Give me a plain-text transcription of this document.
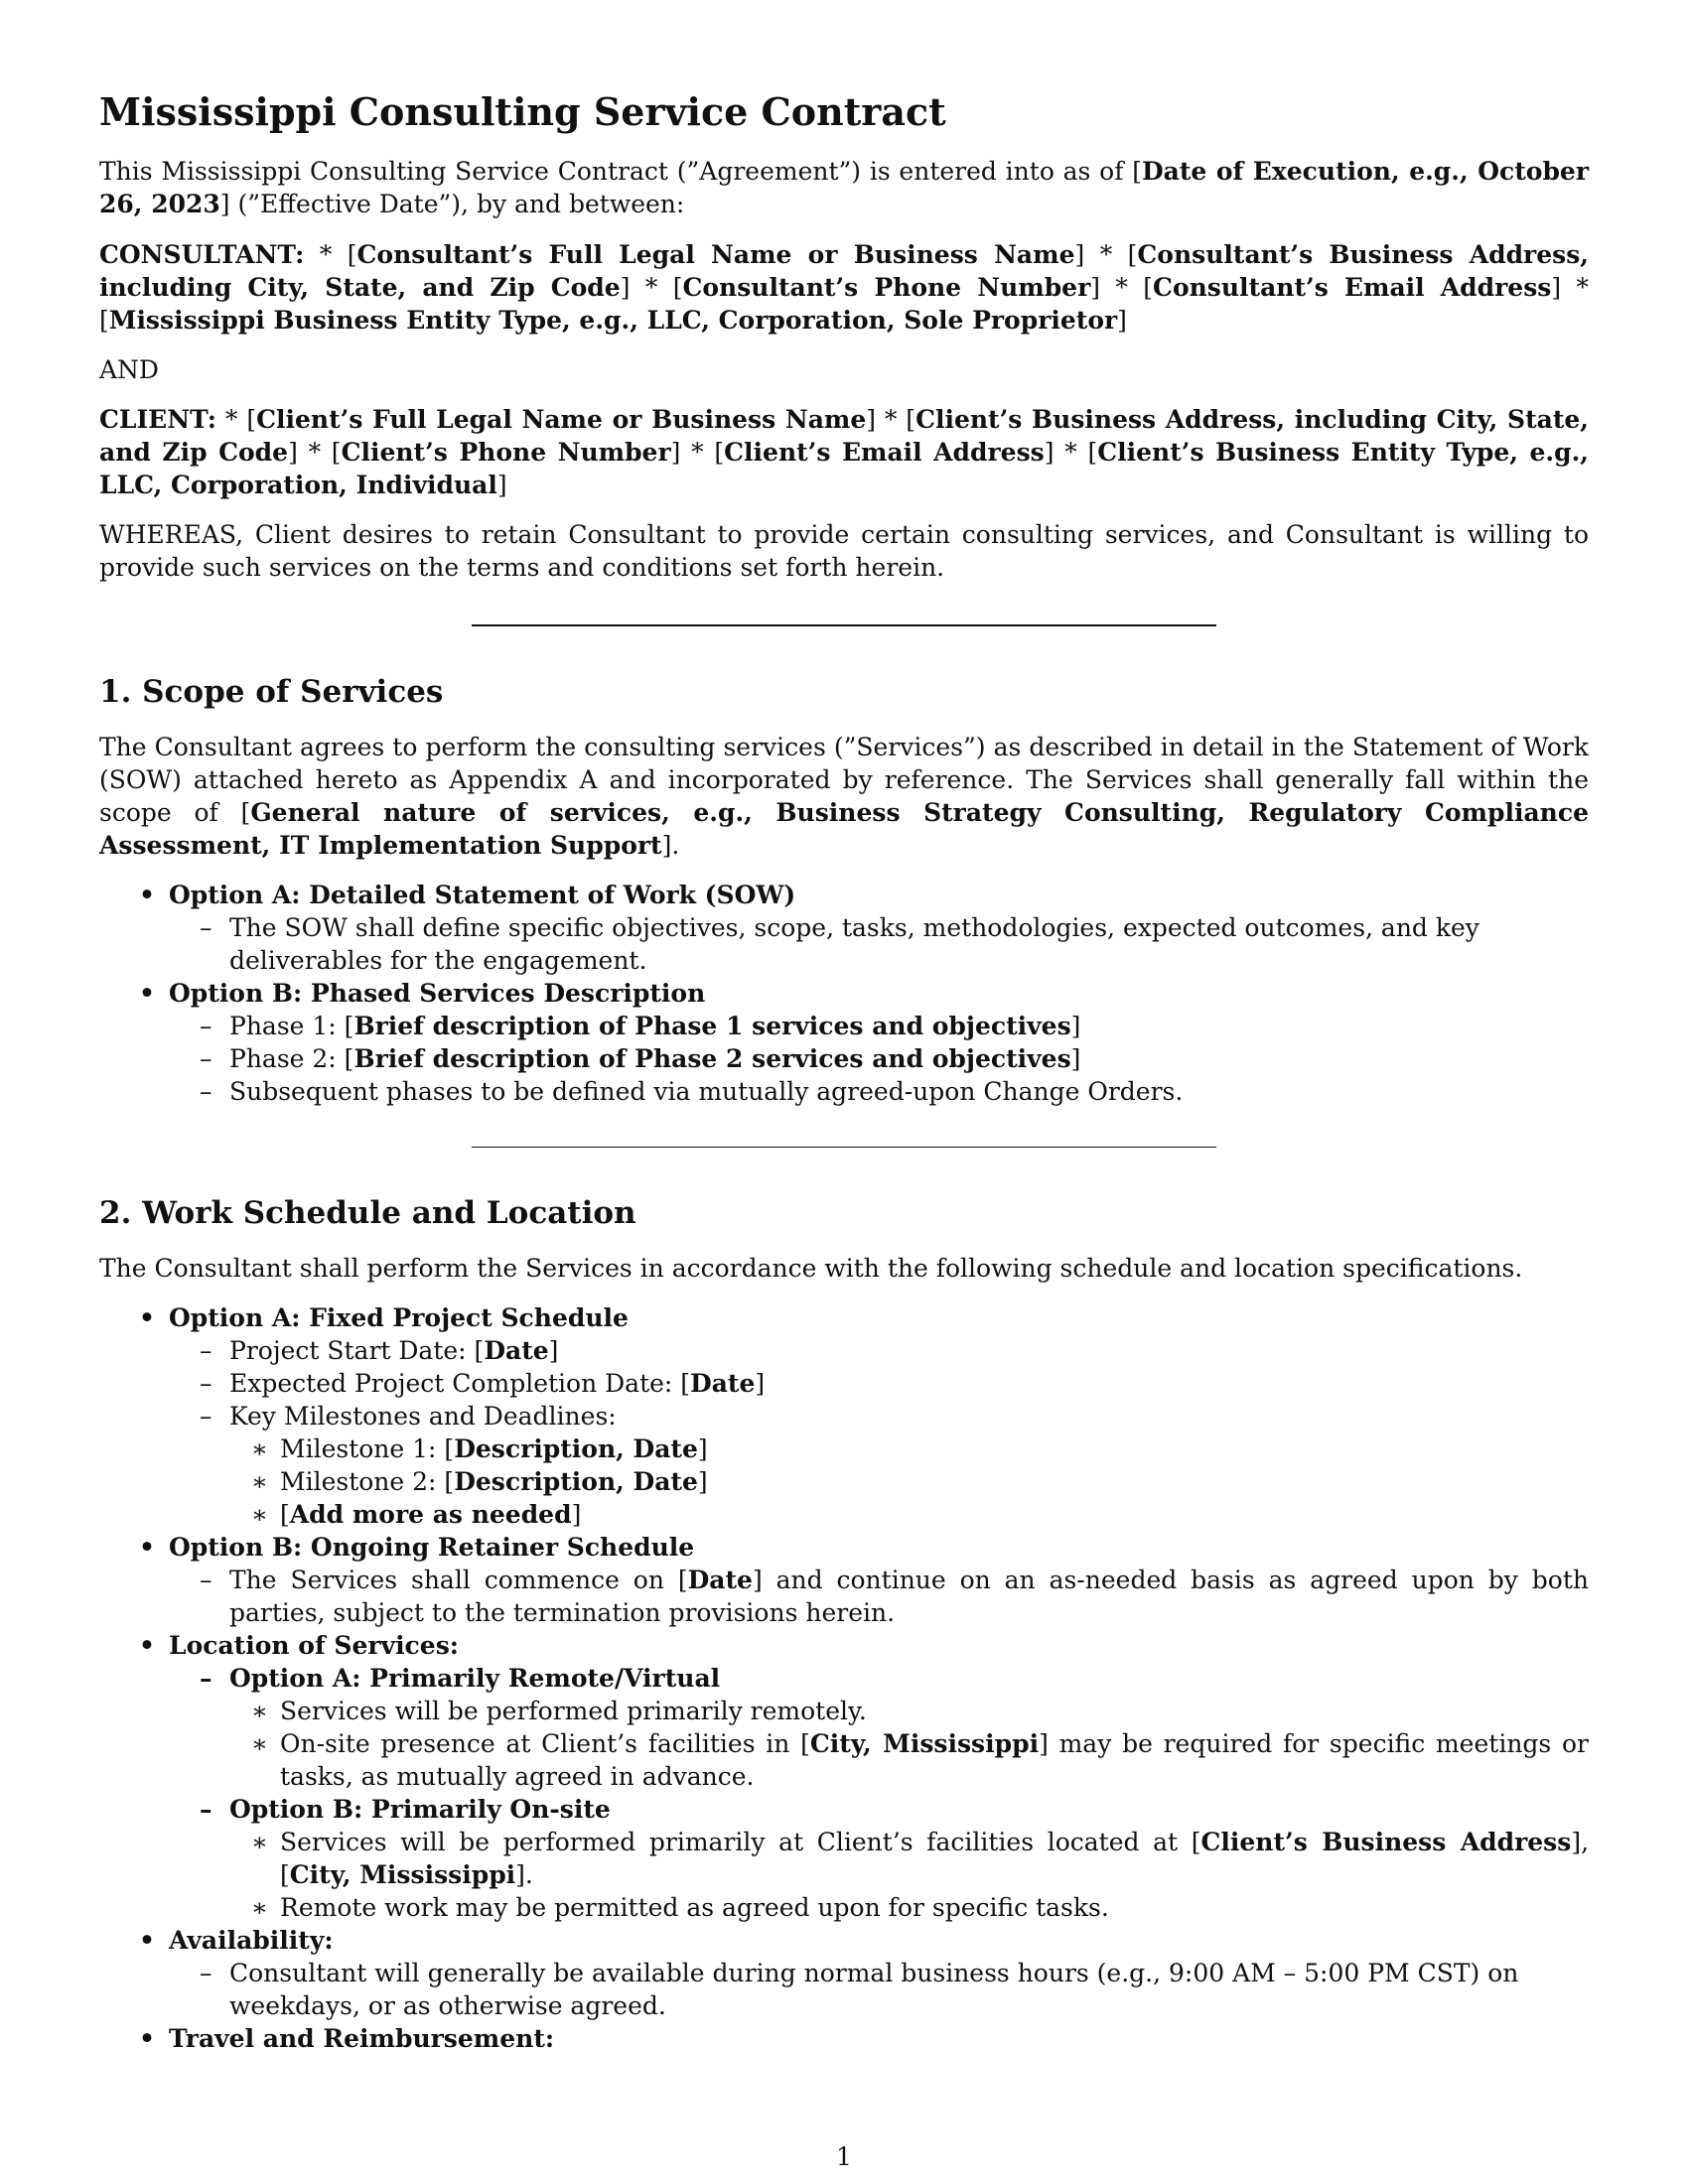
Mississippi Consulting Service Contract

This Mississippi Consulting Service Contract (”Agreement”) is entered into as of [Date of Execution, e.g., October 26, 2023] (”Effective Date”), by and between:

CONSULTANT: * [Consultant’s Full Legal Name or Business Name] * [Consultant’s Business Address, including City, State, and Zip Code] * [Consultant’s Phone Number] * [Consultant’s Email Address] * [Mississippi Business Entity Type, e.g., LLC, Corporation, Sole Proprietor]

AND

CLIENT: * [Client’s Full Legal Name or Business Name] * [Client’s Business Address, including City, State, and Zip Code] * [Client’s Phone Number] * [Client’s Email Address] * [Client’s Business Entity Type, e.g., LLC, Corporation, Individual]

WHEREAS, Client desires to retain Consultant to provide certain consulting services, and Consultant is willing to provide such services on the terms and conditions set forth herein.

1. Scope of Services

The Consultant agrees to perform the consulting services (”Services”) as described in detail in the Statement of Work (SOW) attached hereto as Appendix A and incorporated by reference. The Services shall generally fall within the scope of [General nature of services, e.g., Business Strategy Consulting, Regulatory Compliance Assessment, IT Implementation Support].

• Option A: Detailed Statement of Work (SOW)

– The SOW shall define specific objectives, scope, tasks, methodologies, expected outcomes, and key deliverables for the engagement.

• Option B: Phased Services Description

– Phase 1: [Brief description of Phase 1 services and objectives]

– Phase 2: [Brief description of Phase 2 services and objectives]

– Subsequent phases to be defined via mutually agreed-upon Change Orders.

2. Work Schedule and Location

The Consultant shall perform the Services in accordance with the following schedule and location specifications.

• Option A: Fixed Project Schedule

– Project Start Date: [Date]

– Expected Project Completion Date: [Date]

– Key Milestones and Deadlines:

∗ Milestone 1: [Description, Date]

∗ Milestone 2: [Description, Date]

∗ [Add more as needed]

• Option B: Ongoing Retainer Schedule

– The Services shall commence on [Date] and continue on an as-needed basis as agreed upon by both parties, subject to the termination provisions herein.

• Location of Services:

– Option A: Primarily Remote/Virtual

∗ Services will be performed primarily remotely.

∗ On-site presence at Client’s facilities in [City, Mississippi] may be required for specific meetings or tasks, as mutually agreed in advance.

– Option B: Primarily On-site

∗ Services will be performed primarily at Client’s facilities located at [Client’s Business Address], [City, Mississippi].

∗ Remote work may be permitted as agreed upon for specific tasks.

• Availability:

– Consultant will generally be available during normal business hours (e.g., 9:00 AM – 5:00 PM CST) on weekdays, or as otherwise agreed.

• Travel and Reimbursement:

1
